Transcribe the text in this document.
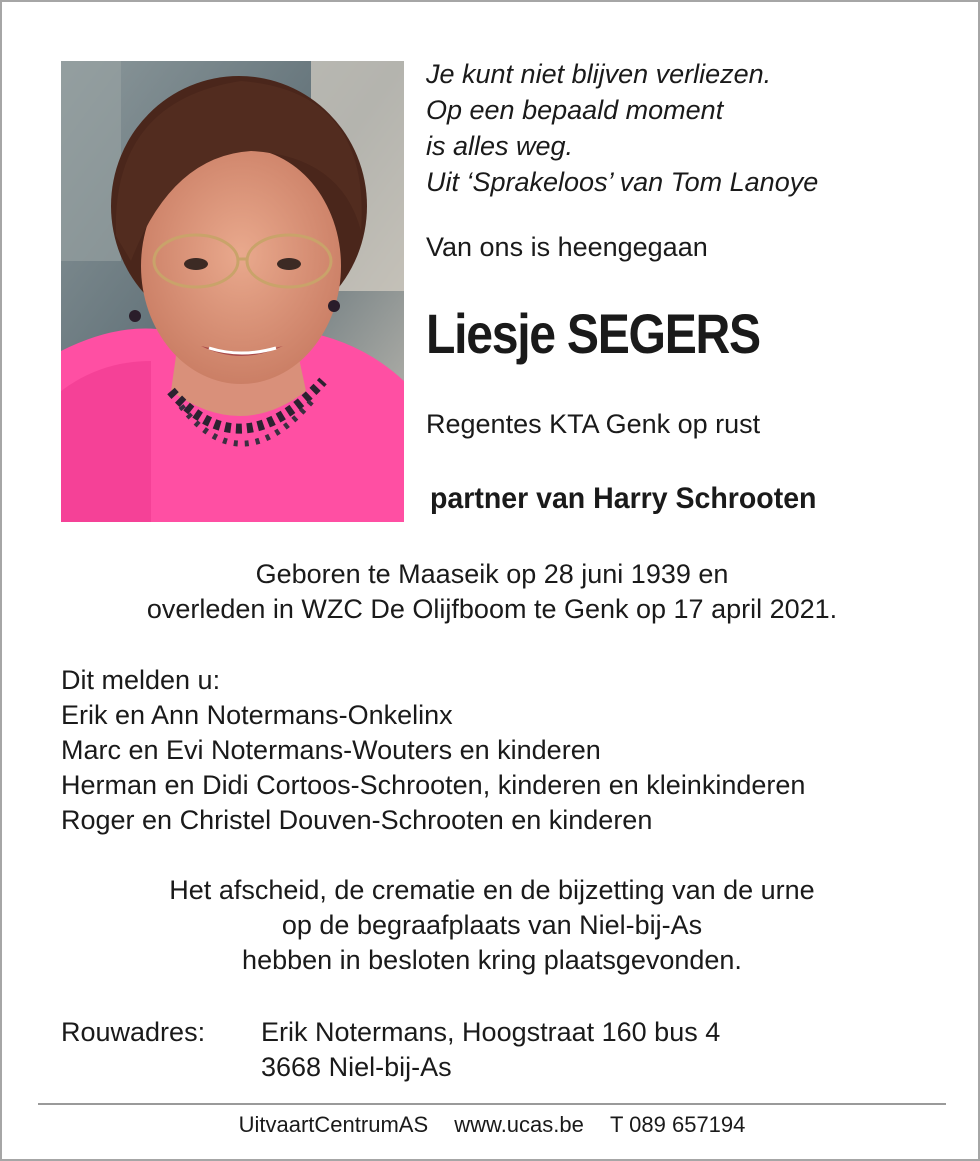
Je kunt niet blijven verliezen.
Op een bepaald moment
is alles weg.
Uit ‘Sprakeloos’ van Tom Lanoye
Van ons is heengegaan
Liesje SEGERS
Regentes KTA Genk op rust
partner van Harry Schrooten
Geboren te Maaseik op 28 juni 1939 en
overleden in WZC De Olijfboom te Genk op 17 april 2021.
Dit melden u:
Erik en Ann Notermans-Onkelinx
Marc en Evi Notermans-Wouters en kinderen
Herman en Didi Cortoos-Schrooten, kinderen en kleinkinderen
Roger en Christel Douven-Schrooten en kinderen
Het afscheid, de crematie en de bijzetting van de urne
op de begraafplaats van Niel-bij-As
hebben in besloten kring plaatsgevonden.
Rouwadres: Erik Notermans, Hoogstraat 160 bus 4
3668 Niel-bij-As
UitvaartCentrumAS www.ucas.be T 089 657194
